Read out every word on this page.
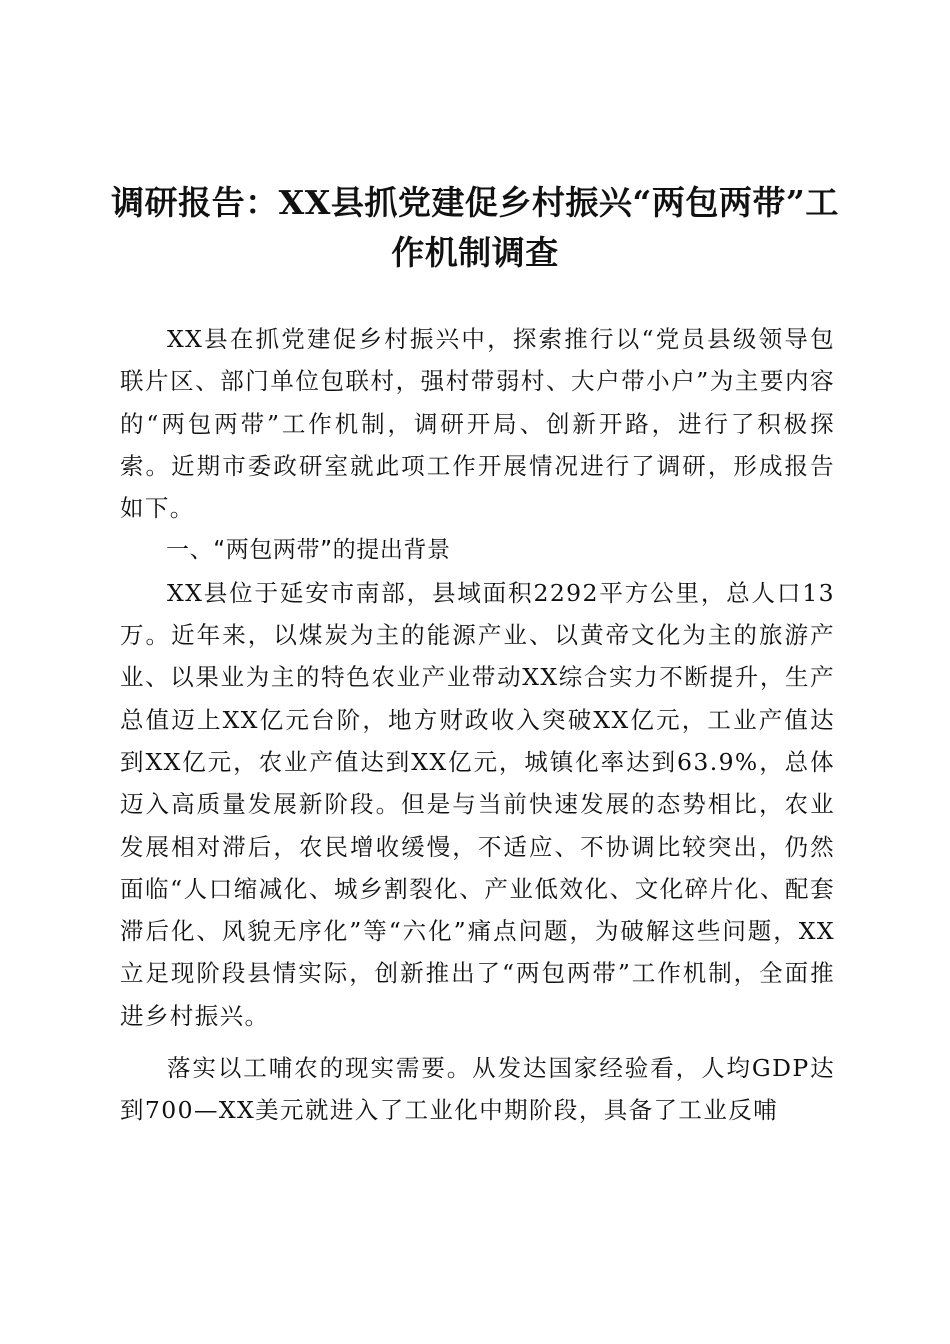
调研报告：XX县抓党建促乡村振兴“两包两带”工作机制调查

XX县在抓党建促乡村振兴中，探索推行以“党员县级领导包联片区、部门单位包联村，强村带弱村、大户带小户”为主要内容的“两包两带”工作机制，调研开局、创新开路，进行了积极探索。近期市委政研室就此项工作开展情况进行了调研，形成报告如下。

一、“两包两带”的提出背景

XX县位于延安市南部，县域面积2292平方公里，总人口13万。近年来，以煤炭为主的能源产业、以黄帝文化为主的旅游产业、以果业为主的特色农业产业带动XX综合实力不断提升，生产总值迈上XX亿元台阶，地方财政收入突破XX亿元，工业产值达到XX亿元，农业产值达到XX亿元，城镇化率达到63.9%，总体迈入高质量发展新阶段。但是与当前快速发展的态势相比，农业发展相对滞后，农民增收缓慢，不适应、不协调比较突出，仍然面临“人口缩减化、城乡割裂化、产业低效化、文化碎片化、配套滞后化、风貌无序化”等“六化”痛点问题，为破解这些问题，XX立足现阶段县情实际，创新推出了“两包两带”工作机制，全面推进乡村振兴。

落实以工哺农的现实需要。从发达国家经验看，人均GDP达到700—XX美元就进入了工业化中期阶段，具备了工业反哺
